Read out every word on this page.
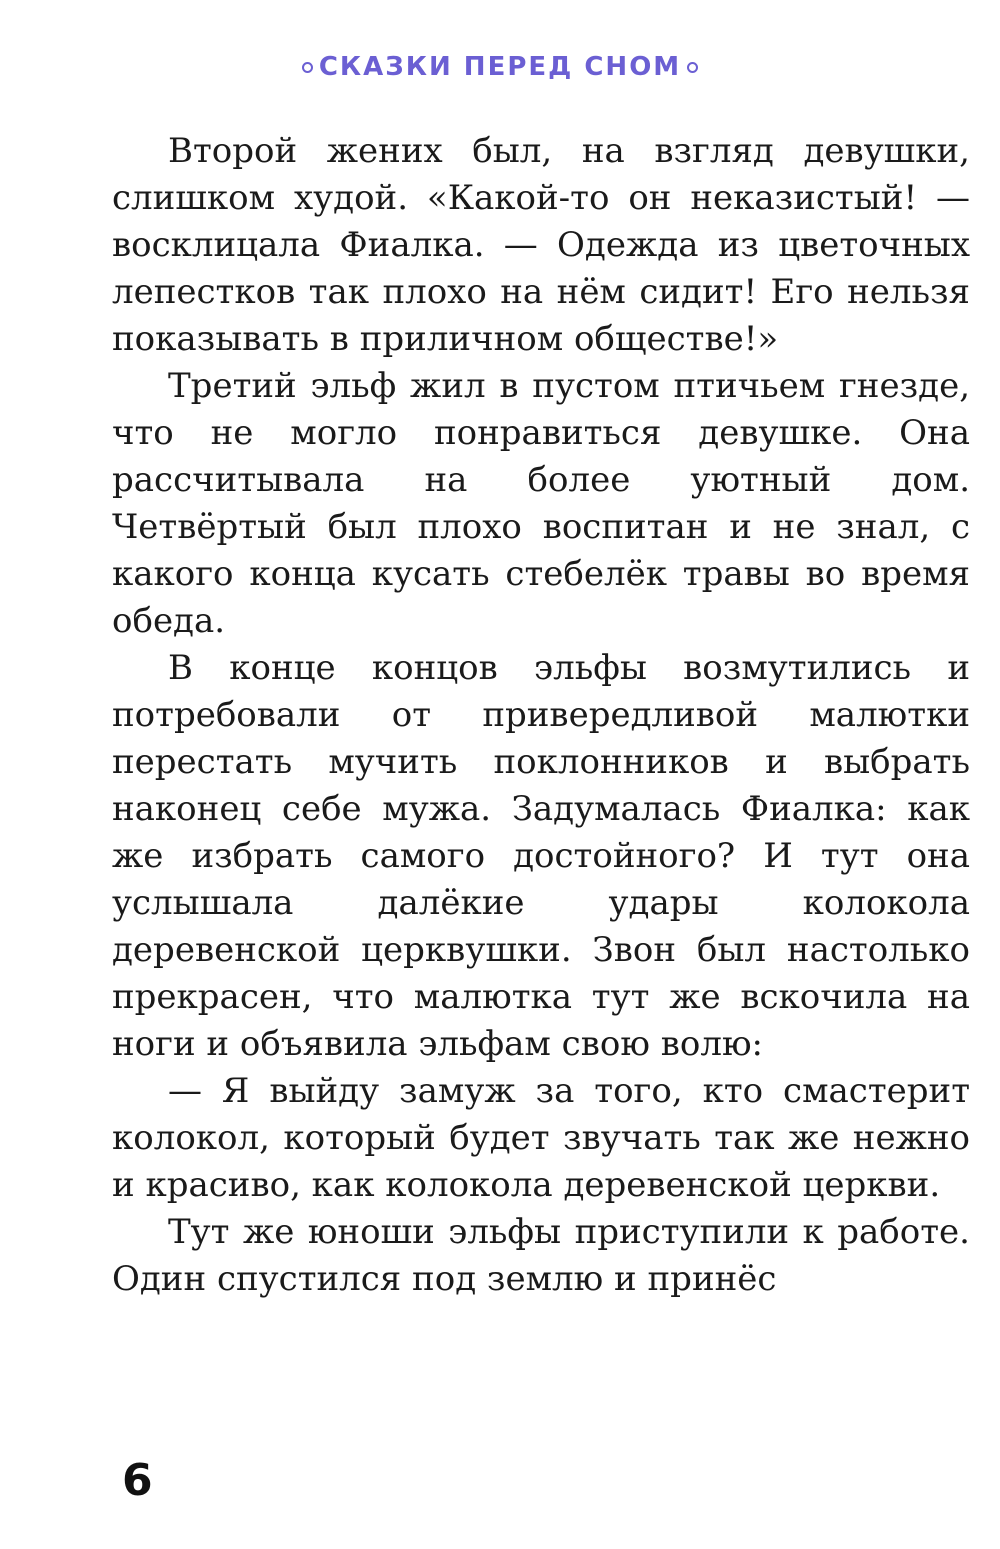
СКАЗКИ ПЕРЕД СНОМ

Второй жених был, на взгляд девушки, слишком худой. «Какой-то он неказистый! — восклицала Фиалка. — Одежда из цветочных лепестков так плохо на нём сидит! Его нельзя показывать в приличном обществе!»

Третий эльф жил в пустом птичьем гнезде, что не могло понравиться девушке. Она рассчитывала на более уютный дом. Четвёртый был плохо воспитан и не знал, с какого конца кусать стебелёк травы во время обеда.

В конце концов эльфы возмутились и потребовали от привередливой малютки перестать мучить поклонников и выбрать наконец себе мужа. Задумалась Фиалка: как же избрать самого достойного? И тут она услышала далёкие удары колокола деревенской церквушки. Звон был настолько прекрасен, что малютка тут же вскочила на ноги и объявила эльфам свою волю:

— Я выйду замуж за того, кто смастерит колокол, который будет звучать так же нежно и красиво, как колокола деревенской церкви.

Тут же юноши эльфы приступили к работе. Один спустился под землю и принёс

6
